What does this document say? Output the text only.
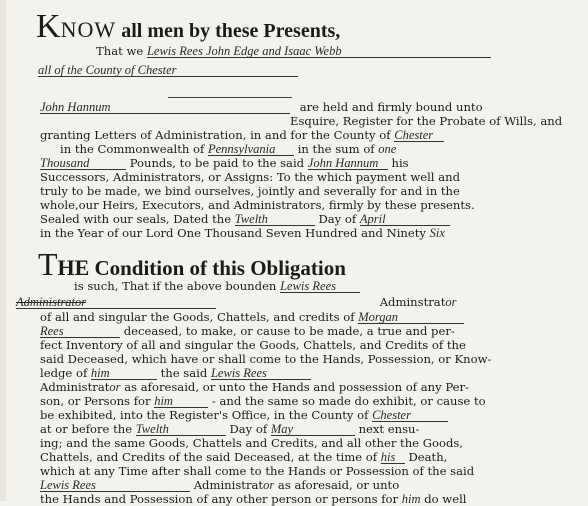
KNOW all men by these Presents,
That we Lewis Rees John Edge and Isaac Webb
all of the County of Chester
John Hannum	are held and firmly bound unto
Esquire, Register for the Probate of Wills, and
granting Letters of Administration, in and for the County of Chester
in the Commonwealth of Pennsylvania in the sum of one
Thousand	Pounds, to be paid to the said John Hannum his
Successors, Administrators, or Assigns: To the which payment well and
truly to be made, we bind ourselves, jointly and severally for and in the
whole,our Heirs, Executors, and Administrators, firmly by these presents.
Sealed with our seals, Dated the Twelth	Day of April
in the Year of our Lord One Thousand Seven Hundred and Ninety Six
THE Condition of this Obligation
is such, That if the above bounden Lewis Rees
Administrator	Adminstrator
of all and singular the Goods, Chattels, and credits of Morgan
Rees	deceased, to make, or cause to be made, a true and per-
fect Inventory of all and singular the Goods, Chattels, and Credits of the
said Deceased, which have or shall come to the Hands, Possession, or Know-
ledge of him	the said Lewis Rees
Administrator as aforesaid, or unto the Hands and possession of any Per-
son, or Persons for him	- and the same so made do exhibit, or cause to
be exhibited, into the Register's Office, in the County of Chester
at or before the Twelth	Day of May	next ensu-
ing; and the same Goods, Chattels and Credits, and all other the Goods,
Chattels, and Credits of the said Deceased, at the time of his Death,
which at any Time after shall come to the Hands or Possession of the said
Lewis Rees	Administrator as aforesaid, or unto
the Hands and Possession of any other person or persons for him do well
